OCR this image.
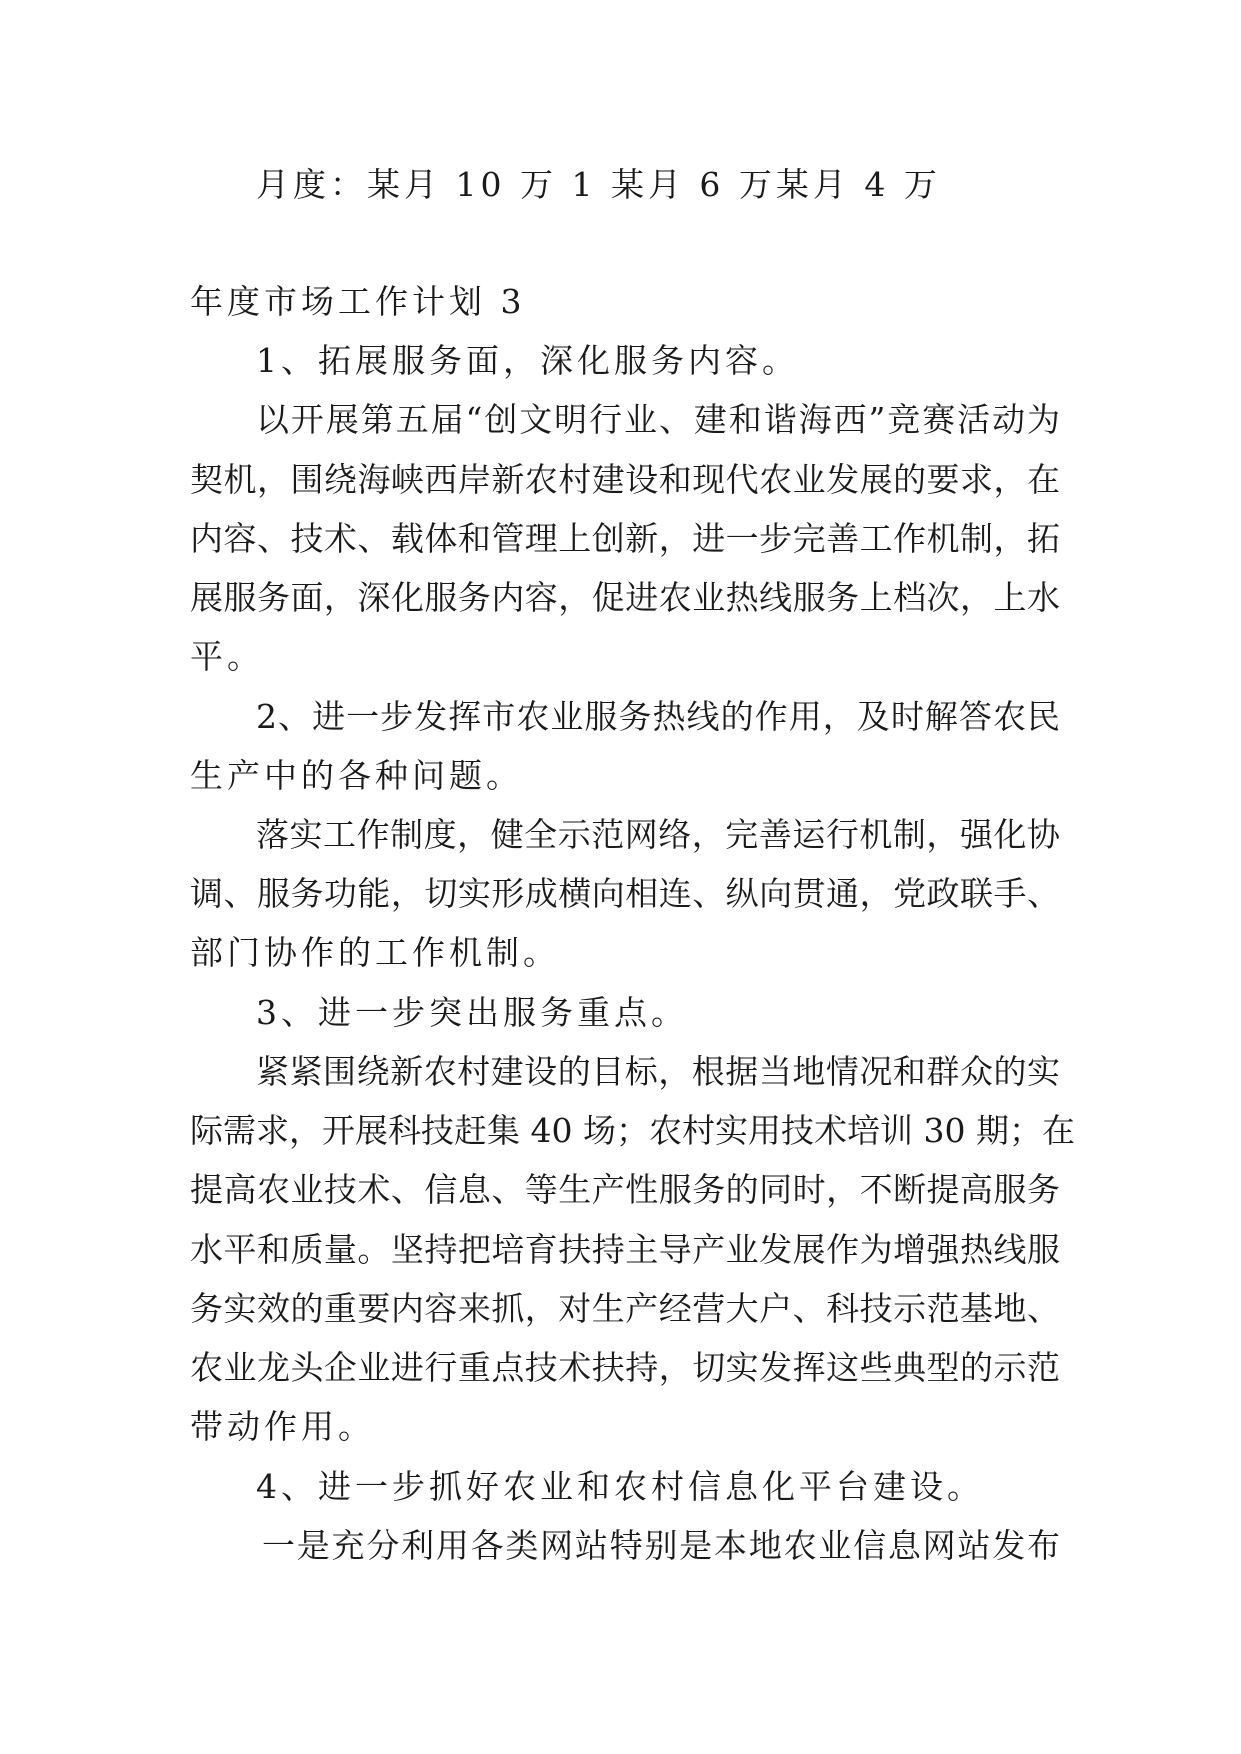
月度：某月 10 万 1 某月 6 万某月 4 万
年度市场工作计划 3
1、拓展服务面，深化服务内容。
以开展第五届“创文明行业、建和谐海西”竞赛活动为
契机，围绕海峡西岸新农村建设和现代农业发展的要求，在
内容、技术、载体和管理上创新，进一步完善工作机制，拓
展服务面，深化服务内容，促进农业热线服务上档次，上水
平。
2、进一步发挥市农业服务热线的作用，及时解答农民
生产中的各种问题。
落实工作制度，健全示范网络，完善运行机制，强化协
调、服务功能，切实形成横向相连、纵向贯通，党政联手、
部门协作的工作机制。
3、进一步突出服务重点。
紧紧围绕新农村建设的目标，根据当地情况和群众的实
际需求，开展科技赶集 40 场；农村实用技术培训 30 期；在
提高农业技术、信息、等生产性服务的同时，不断提高服务
水平和质量。坚持把培育扶持主导产业发展作为增强热线服
务实效的重要内容来抓，对生产经营大户、科技示范基地、
农业龙头企业进行重点技术扶持，切实发挥这些典型的示范
带动作用。
4、进一步抓好农业和农村信息化平台建设。
一是充分利用各类网站特别是本地农业信息网站发布
